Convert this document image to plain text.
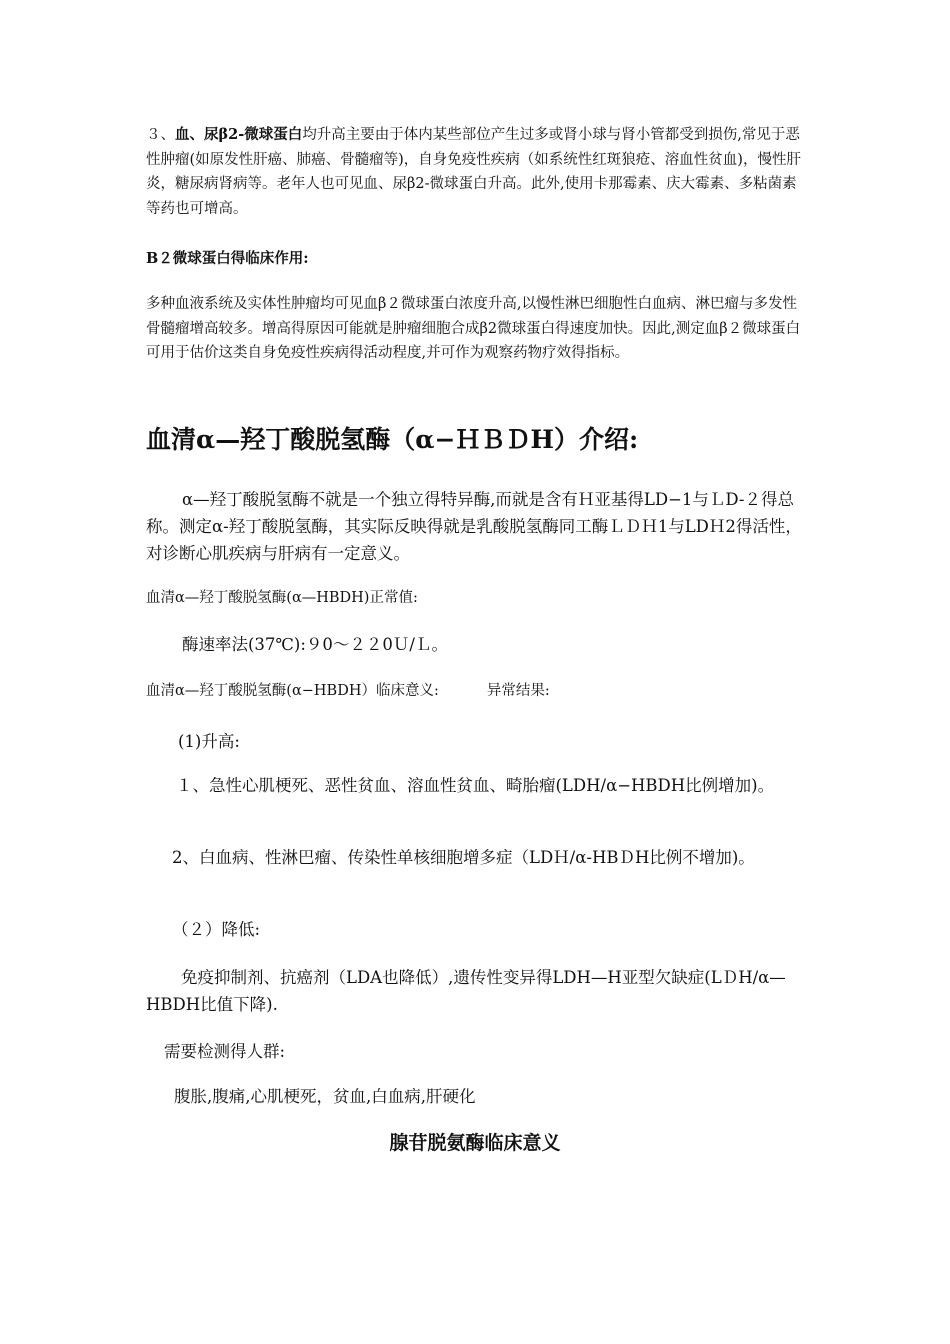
３、血、尿β2-微球蛋白均升高主要由于体内某些部位产生过多或肾小球与肾小管都受到损伤,常见于恶性肿瘤(如原发性肝癌、肺癌、骨髓瘤等)，自身免疫性疾病（如系统性红斑狼疮、溶血性贫血)，慢性肝炎，糖尿病肾病等。老年人也可见血、尿β2-微球蛋白升高。此外,使用卡那霉素、庆大霉素、多粘菌素等药也可增高。

Β２微球蛋白得临床作用:

多种血液系统及实体性肿瘤均可见血β２微球蛋白浓度升高,以慢性淋巴细胞性白血病、淋巴瘤与多发性骨髓瘤增高较多。增高得原因可能就是肿瘤细胞合成β2微球蛋白得速度加快。因此,测定血β２微球蛋白可用于估价这类自身免疫性疾病得活动程度,并可作为观察药物疗效得指标。

血清α—羟丁酸脱氢酶（α−ＨＢＤH）介绍:

α—羟丁酸脱氢酶不就是一个独立得特异酶,而就是含有Ｈ亚基得LD−1与ＬD-２得总称。测定α-羟丁酸脱氢酶，其实际反映得就是乳酸脱氢酶同工酶ＬＤＨ1与LDＨ2得活性，对诊断心肌疾病与肝病有一定意义。

血清α—羟丁酸脱氢酶(α—HBDH)正常值:

酶速率法(37℃):９0～２２0Ｕ/Ｌ。

血清α—羟丁酸脱氢酶(α−HBDH）临床意义:	异常结果:

(1)升高:

１、急性心肌梗死、恶性贫血、溶血性贫血、畸胎瘤(LDH/α−HBDH比例增加)。

2、白血病、性淋巴瘤、传染性单核细胞增多症（LDＨ/α-HBＤH比例不增加)。

（２）降低:

免疫抑制剂、抗癌剂（LDA也降低）,遗传性变异得LDH—H亚型欠缺症(LＤH/α—HBDH比值下降).

需要检测得人群:

腹胀,腹痛,心肌梗死，贫血,白血病,肝硬化

腺苷脱氨酶临床意义
